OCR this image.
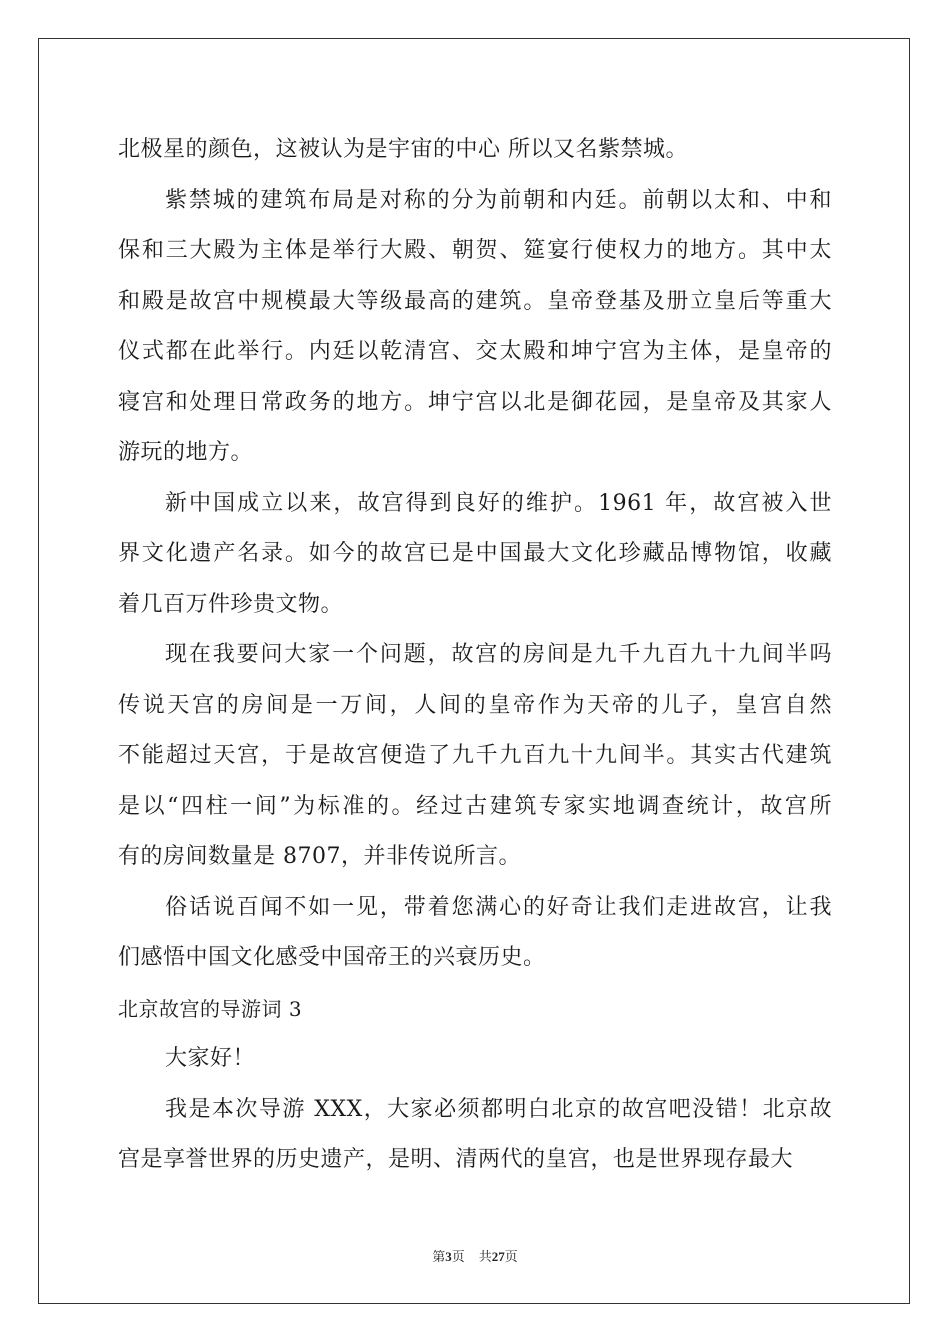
北极星的颜色，这被认为是宇宙的中心 所以又名紫禁城。
紫禁城的建筑布局是对称的分为前朝和内廷。前朝以太和、中和
保和三大殿为主体是举行大殿、朝贺、筵宴行使权力的地方。其中太
和殿是故宫中规模最大等级最高的建筑。皇帝登基及册立皇后等重大
仪式都在此举行。内廷以乾清宫、交太殿和坤宁宫为主体，是皇帝的
寝宫和处理日常政务的地方。坤宁宫以北是御花园，是皇帝及其家人
游玩的地方。
新中国成立以来，故宫得到良好的维护。1961 年，故宫被入世
界文化遗产名录。如今的故宫已是中国最大文化珍藏品博物馆，收藏
着几百万件珍贵文物。
现在我要问大家一个问题，故宫的房间是九千九百九十九间半吗
传说天宫的房间是一万间，人间的皇帝作为天帝的儿子，皇宫自然
不能超过天宫，于是故宫便造了九千九百九十九间半。其实古代建筑
是以“四柱一间”为标准的。经过古建筑专家实地调查统计，故宫所
有的房间数量是 8707，并非传说所言。
俗话说百闻不如一见，带着您满心的好奇让我们走进故宫，让我
们感悟中国文化感受中国帝王的兴衰历史。
北京故宫的导游词 3
大家好！
我是本次导游 XXX，大家必须都明白北京的故宫吧没错！北京故
宫是享誉世界的历史遗产，是明、清两代的皇宫，也是世界现存最大
第3页 共27页
